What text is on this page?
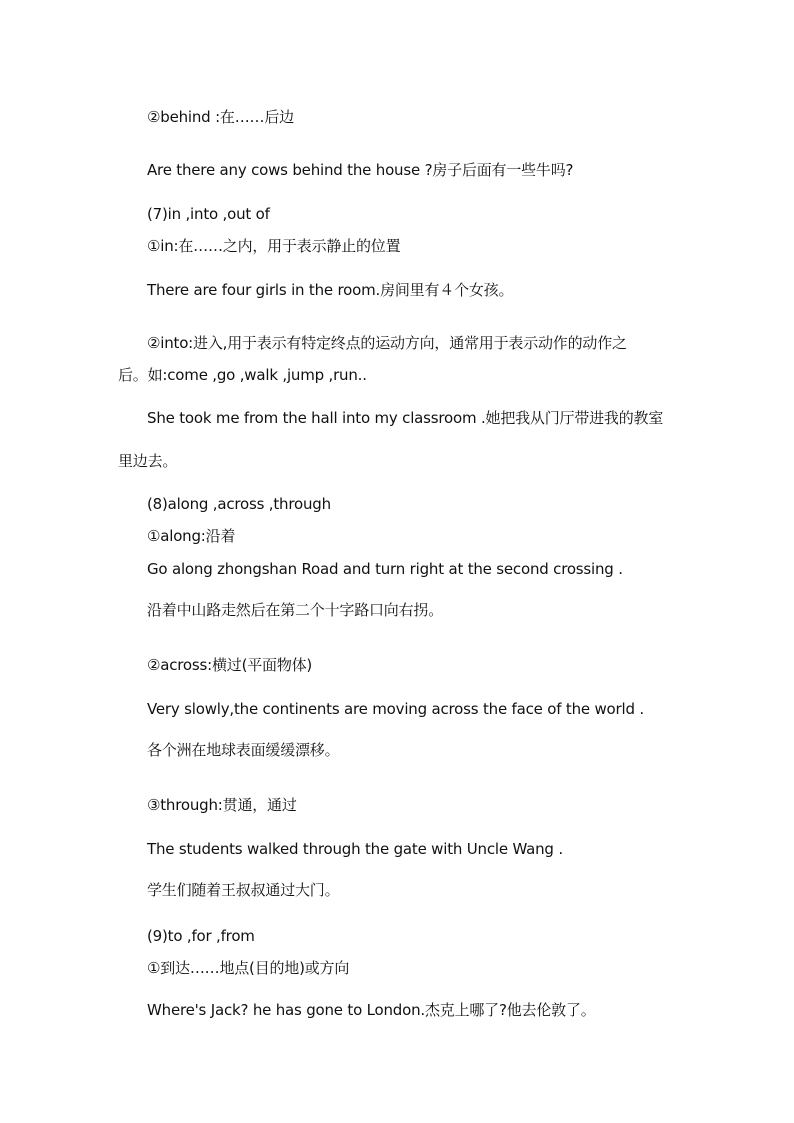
②behind :在……后边
Are there any cows behind the house ?房子后面有一些牛吗?
(7)in ,into ,out of
①in:在……之内，用于表示静止的位置
There are four girls in the room.房间里有４个女孩。
②into:进入,用于表示有特定终点的运动方向，通常用于表示动作的动作之
后。如:come ,go ,walk ,jump ,run..
She took me from the hall into my classroom .她把我从门厅带进我的教室
里边去。
(8)along ,across ,through
①along:沿着
Go along zhongshan Road and turn right at the second crossing .
沿着中山路走然后在第二个十字路口向右拐。
②across:横过(平面物体)
Very slowly,the continents are moving across the face of the world .
各个洲在地球表面缓缓漂移。
③through:贯通，通过
The students walked through the gate with Uncle Wang .
学生们随着王叔叔通过大门。
(9)to ,for ,from
①到达……地点(目的地)或方向
Where's Jack? he has gone to London.杰克上哪了?他去伦敦了。
